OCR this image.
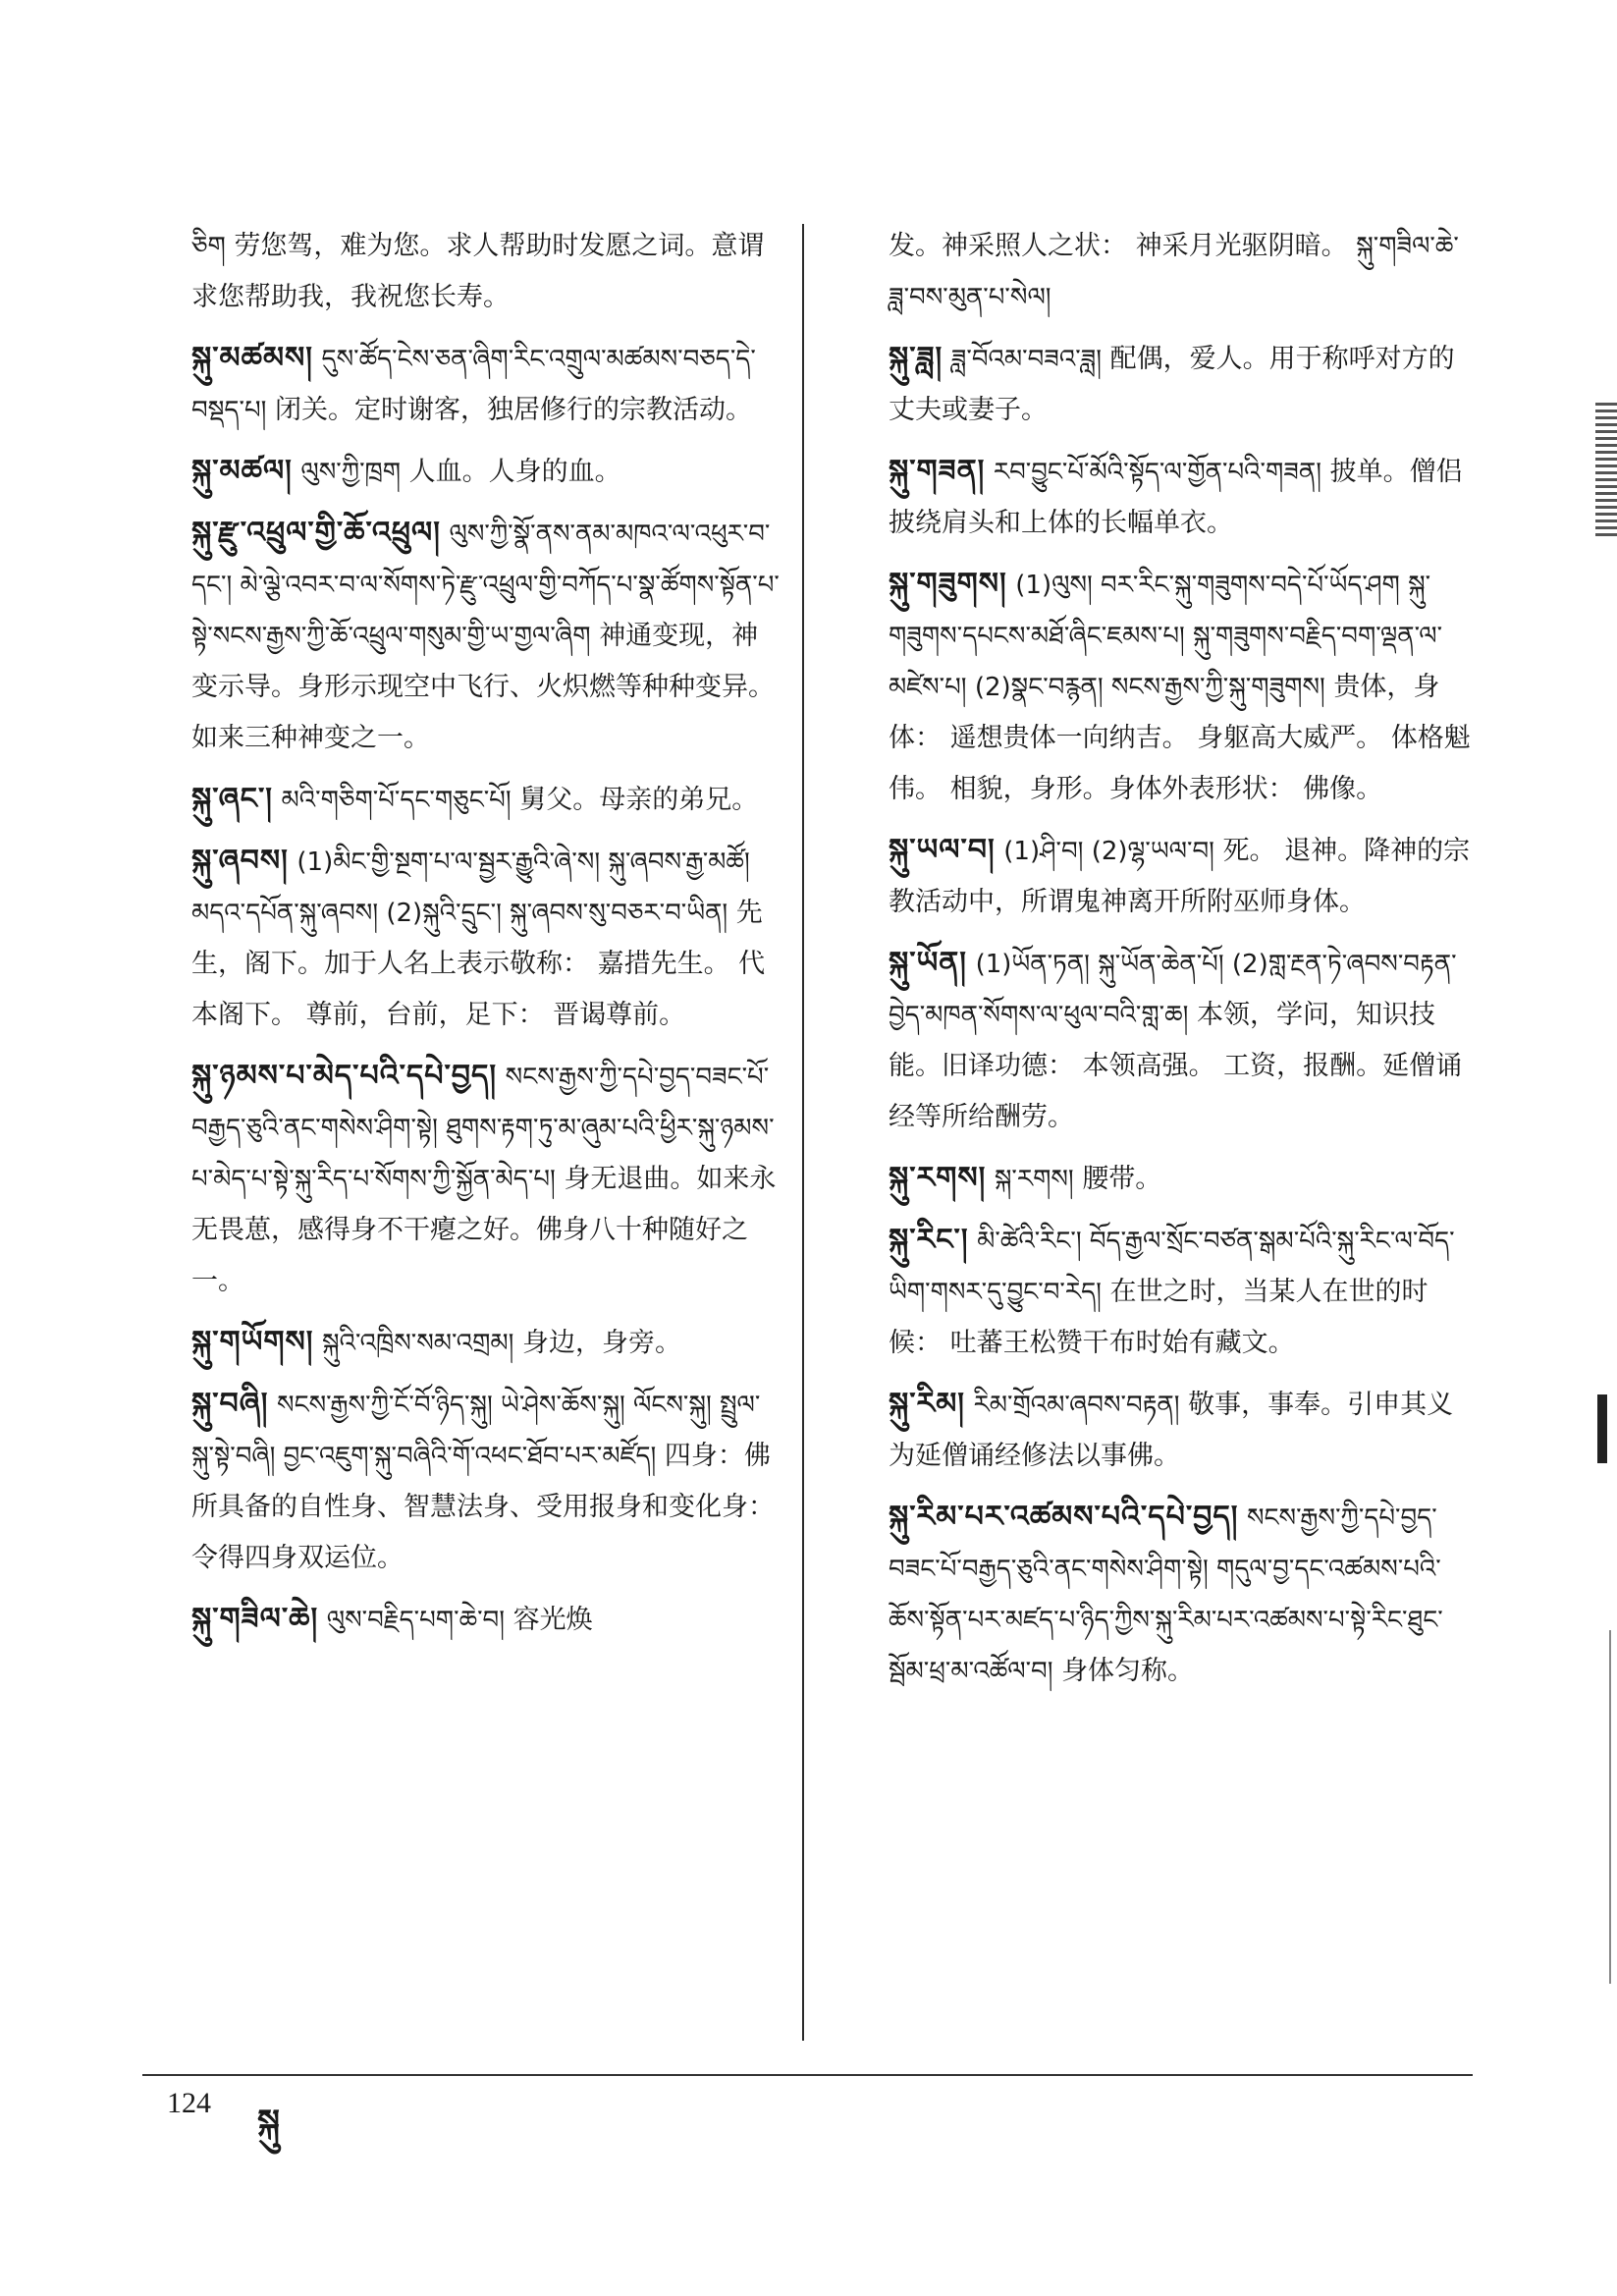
ཅིག 劳您驾，难为您。求人帮助时发愿之词。意谓求您帮助我，我祝您长寿。
སྐུ་མཚམས། དུས་ཚོད་ངེས་ཅན་ཞིག་རིང་འགྲུལ་མཚམས་བཅད་དེ་བསྡད་པ། 闭关。定时谢客，独居修行的宗教活动。
སྐུ་མཚལ། ལུས་ཀྱི་ཁྲག 人血。人身的血。
སྐུ་རྫུ་འཕྲུལ་གྱི་ཆོ་འཕྲུལ། ལུས་ཀྱི་སྣོ་ནས་ནམ་མཁའ་ལ་འཕུར་བ་དང་། མེ་ལྕེ་འབར་བ་ལ་སོགས་ཏེ་རྫུ་འཕྲུལ་གྱི་བཀོད་པ་སྣ་ཚོགས་སྟོན་པ་སྟེ་སངས་རྒྱས་ཀྱི་ཆོ་འཕྲུལ་གསུམ་གྱི་ཡ་གྱལ་ཞིག 神通变现，神变示导。身形示现空中飞行、火炽燃等种种变异。如来三种神变之一。
སྐུ་ཞང་། མའི་གཅིག་པོ་དང་གཅུང་པོ། 舅父。母亲的弟兄。
སྐུ་ཞབས། (1)མིང་གྱི་སྔག་པ་ལ་སྦྱར་རྒྱུའི་ཞེ་ས། སྐུ་ཞབས་རྒྱ་མཚོ། མདའ་དཔོན་སྐུ་ཞབས། (2)སྐུའི་དྲུང་། སྐུ་ཞབས་སུ་བཅར་བ་ཡིན། 先生，阁下。加于人名上表示敬称： 嘉措先生。 代本阁下。 尊前，台前，足下： 晋谒尊前。
སྐུ་ཉམས་པ་མེད་པའི་དཔེ་བྱད། སངས་རྒྱས་ཀྱི་དཔེ་བྱད་བཟང་པོ་བརྒྱད་ཅུའི་ནང་གསེས་ཤིག་སྟེ། ཐུགས་རྟག་ཏུ་མ་ཞུམ་པའི་ཕྱིར་སྐུ་ཉམས་པ་མེད་པ་སྟེ་སྐུ་རིད་པ་སོགས་ཀྱི་སྐྱོན་མེད་པ། 身无退曲。如来永无畏葸，感得身不干瘪之好。佛身八十种随好之一。
སྐུ་གཡོགས། སྐུའི་འཁྲིས་སམ་འགྲམ། 身边，身旁。
སྐུ་བཞི། སངས་རྒྱས་ཀྱི་ངོ་བོ་ཉིད་སྐུ། ཡེ་ཤེས་ཆོས་སྐུ། ལོངས་སྐུ། སྤྲུལ་སྐུ་སྟེ་བཞི། བྱང་འཇུག་སྐུ་བཞིའི་གོ་འཕང་ཐོབ་པར་མཛོད། 四身：佛所具备的自性身、智慧法身、受用报身和变化身： 令得四身双运位。
སྐུ་གཟིལ་ཆེ། ལུས་བརྗིད་པག་ཆེ་བ། 容光焕
发。神采照人之状： 神采月光驱阴暗。 སྐུ་གཟིལ་ཆེ་ཟླ་བས་མུན་པ་སེལ།
སྐུ་ཟླ། ཟླ་བོའམ་བཟའ་ཟླ། 配偶，爱人。用于称呼对方的丈夫或妻子。
སྐུ་གཟན། རབ་བྱུང་པོ་མོའི་སྟོད་ལ་གྱོན་པའི་གཟན། 披单。僧侣披绕肩头和上体的长幅单衣。
སྐུ་གཟུགས། (1)ལུས། བར་རིང་སྐུ་གཟུགས་བདེ་པོ་ཡོད་ཤག སྐུ་གཟུགས་དཔངས་མཐོ་ཞིང་ཇམས་པ། སྐུ་གཟུགས་བརྗིད་བག་ལྡན་ལ་མཛེས་པ། (2)སྣང་བརྙན། སངས་རྒྱས་ཀྱི་སྐུ་གཟུགས། 贵体，身体： 遥想贵体一向纳吉。 身躯高大威严。 体格魁伟。 相貌，身形。身体外表形状： 佛像。
སྐུ་ཡལ་བ། (1)ཤི་བ། (2)ལྷ་ཡལ་བ། 死。 退神。降神的宗教活动中，所谓鬼神离开所附巫师身体。
སྐུ་ཡོན། (1)ཡོན་ཏན། སྐུ་ཡོན་ཆེན་པོ། (2)གླ་རྔན་ཏེ་ཞབས་བརྟན་བྱེད་མཁན་སོགས་ལ་ཕུལ་བའི་གླ་ཆ། 本领，学问，知识技能。旧译功德： 本领高强。 工资，报酬。延僧诵经等所给酬劳。
སྐུ་རགས། སྐ་རགས། 腰带。
སྐུ་རིང་། མི་ཚེའི་རིང་། བོད་རྒྱལ་སྲོང་བཙན་སྒམ་པོའི་སྐུ་རིང་ལ་བོད་ཡིག་གསར་དུ་བྱུང་བ་རེད། 在世之时，当某人在世的时候： 吐蕃王松赞干布时始有藏文。
སྐུ་རིམ། རིམ་གྲོའམ་ཞབས་བརྟན། 敬事，事奉。引申其义为延僧诵经修法以事佛。
སྐུ་རིམ་པར་འཚམས་པའི་དཔེ་བྱད། སངས་རྒྱས་ཀྱི་དཔེ་བྱད་བཟང་པོ་བརྒྱད་ཅུའི་ནང་གསེས་ཤིག་སྟེ། གདུལ་བྱ་དང་འཚམས་པའི་ཆོས་སྟོན་པར་མཛད་པ་ཉིད་ཀྱིས་སྐུ་རིམ་པར་འཚམས་པ་སྟེ་རིང་ཐུང་སྦོམ་ཕྲ་མ་འཚོལ་བ། 身体匀称。
124 སྐུ
